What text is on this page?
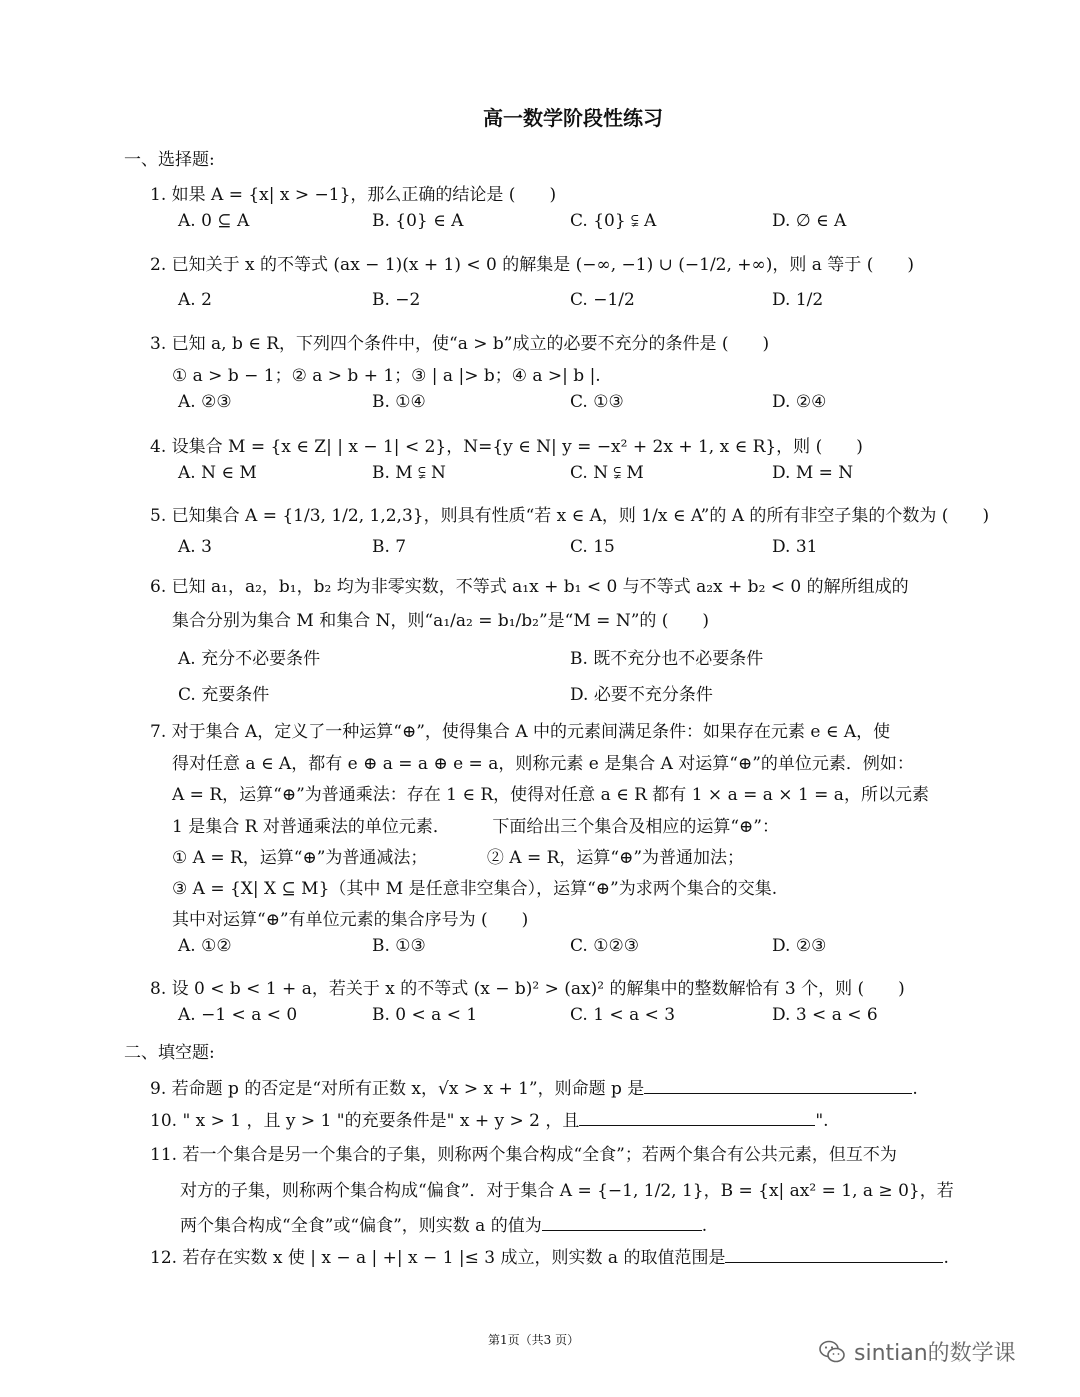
高一数学阶段性练习
一、选择题:
1. 如果 A = {x| x > −1}，那么正确的结论是 (　　)
A. 0 ⊆ A	B. {0} ∈ A	C. {0} ⫋ A	D. ∅ ∈ A
2. 已知关于 x 的不等式 (ax − 1)(x + 1) < 0 的解集是 (−∞, −1) ∪ (−1/2, +∞)，则 a 等于 (　　)
A. 2	B. −2	C. −1/2	D. 1/2
3. 已知 a, b ∈ R，下列四个条件中，使“a > b”成立的必要不充分的条件是 (　　)
① a > b − 1；② a > b + 1；③ | a |> b；④ a >| b |.
A. ②③	B. ①④	C. ①③	D. ②④
4. 设集合 M = {x ∈ Z| | x − 1| < 2}，N={y ∈ N| y = −x² + 2x + 1, x ∈ R}，则 (　　)
A. N ∈ M	B. M ⫋ N	C. N ⫋ M	D. M = N
5. 已知集合 A = {1/3, 1/2, 1,2,3}，则具有性质“若 x ∈ A，则 1/x ∈ A”的 A 的所有非空子集的个数为 (　　)
A. 3	B. 7	C. 15	D. 31
6. 已知 a₁，a₂，b₁，b₂ 均为非零实数，不等式 a₁x + b₁ < 0 与不等式 a₂x + b₂ < 0 的解所组成的
集合分别为集合 M 和集合 N，则“a₁/a₂ = b₁/b₂”是“M = N”的 (　　)
A. 充分不必要条件	B. 既不充分也不必要条件
C. 充要条件	D. 必要不充分条件
7. 对于集合 A，定义了一种运算“⊕”，使得集合 A 中的元素间满足条件：如果存在元素 e ∈ A，使
得对任意 a ∈ A，都有 e ⊕ a = a ⊕ e = a，则称元素 e 是集合 A 对运算“⊕”的单位元素．例如：
A = R，运算“⊕”为普通乘法：存在 1 ∈ R，使得对任意 a ∈ R 都有 1 × a = a × 1 = a，所以元素
1 是集合 R 对普通乘法的单位元素．　　　下面给出三个集合及相应的运算“⊕”：
① A = R，运算“⊕”为普通减法；　　　　② A = R，运算“⊕”为普通加法；
③ A = {X| X ⊆ M}（其中 M 是任意非空集合），运算“⊕”为求两个集合的交集.
其中对运算“⊕”有单位元素的集合序号为 (　　)
A. ①②	B. ①③	C. ①②③	D. ②③
8. 设 0 < b < 1 + a，若关于 x 的不等式 (x − b)² > (ax)² 的解集中的整数解恰有 3 个，则 (　　)
A. −1 < a < 0	B. 0 < a < 1	C. 1 < a < 3	D. 3 < a < 6
二、填空题:
9. 若命题 p 的否定是“对所有正数 x，√x > x + 1”，则命题 p 是	.
10. " x > 1 ，且 y > 1 "的充要条件是" x + y > 2 ，且	".
11. 若一个集合是另一个集合的子集，则称两个集合构成“全食”；若两个集合有公共元素，但互不为
对方的子集，则称两个集合构成“偏食”．对于集合 A = {−1, 1/2, 1}，B = {x| ax² = 1, a ≥ 0}，若
两个集合构成“全食”或“偏食”，则实数 a 的值为	.
12. 若存在实数 x 使 | x − a | +| x − 1 |≤ 3 成立，则实数 a 的取值范围是	.
第1页（共3 页）
sintian的数学课
